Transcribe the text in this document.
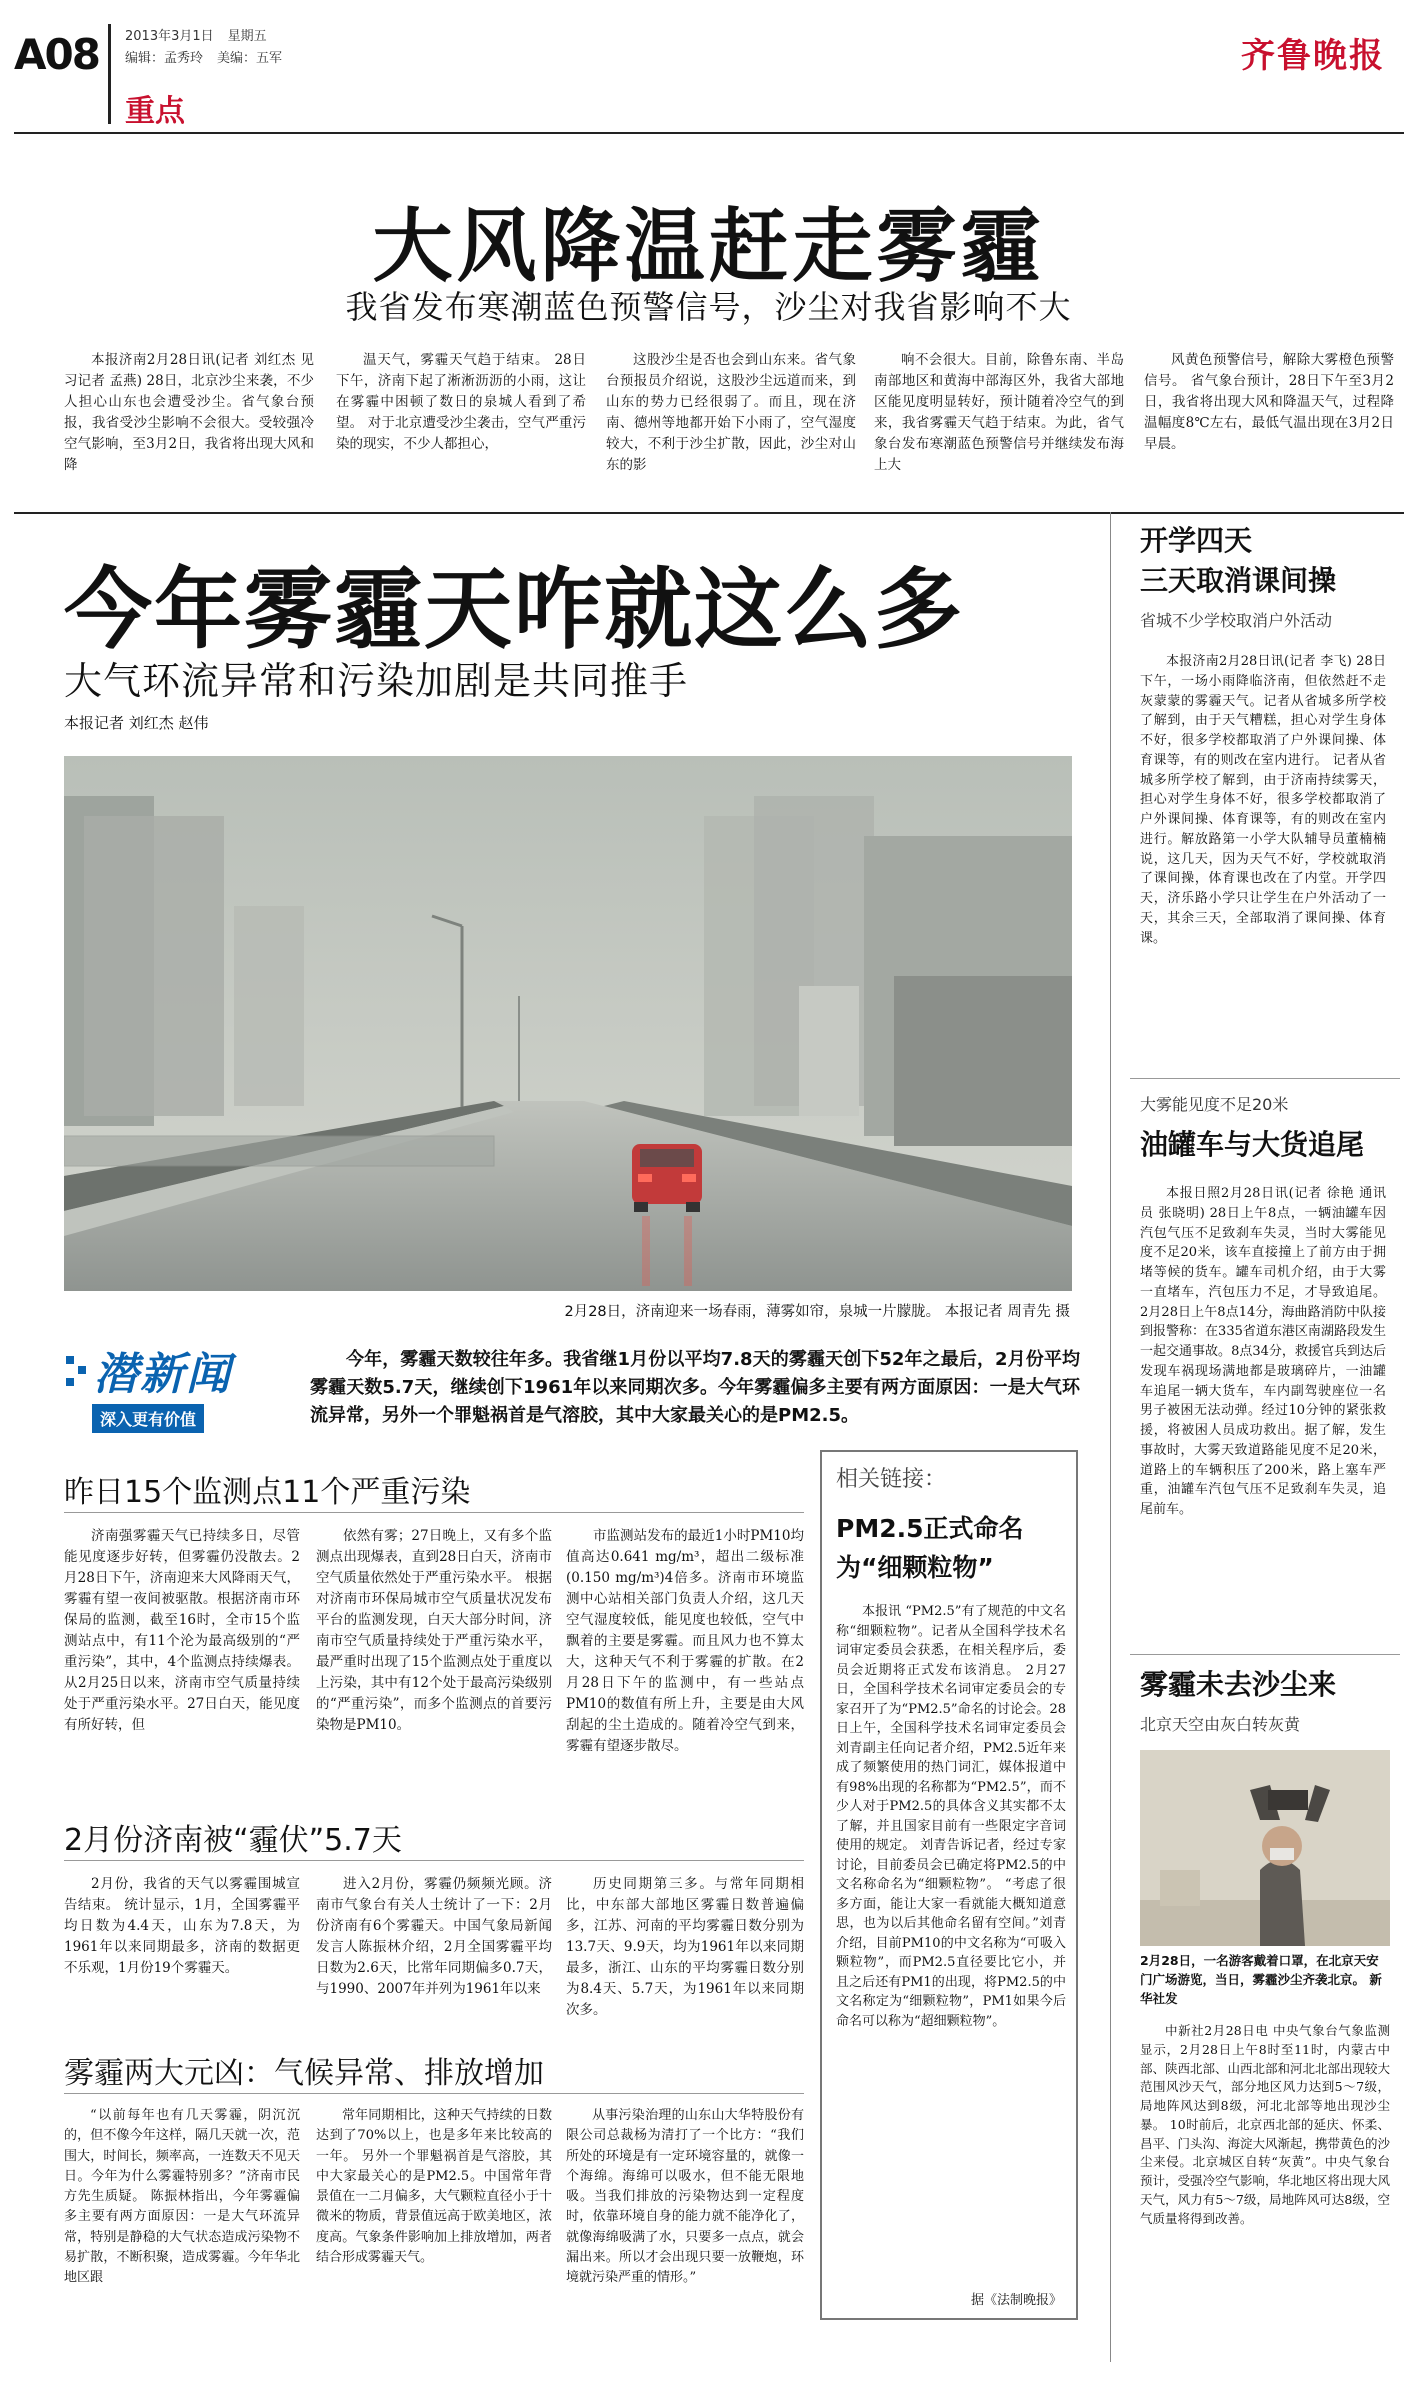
A08 2013年3月1日 星期五
编辑：孟秀玲 美编：五军
重点
齐鲁晚报
大风降温赶走雾霾
我省发布寒潮蓝色预警信号，沙尘对我省影响不大

本报济南2月28日讯(记者 刘红杰 见习记者 孟燕) 28日，北京沙尘来袭，不少人担心山东也会遭受沙尘。省气象台预报，我省受沙尘影响不会很大。受较强冷空气影响，至3月2日，我省将出现大风和降

温天气，雾霾天气趋于结束。 28日下午，济南下起了淅淅沥沥的小雨，这让在雾霾中困顿了数日的泉城人看到了希望。 对于北京遭受沙尘袭击，空气严重污染的现实，不少人都担心，

这股沙尘是否也会到山东来。省气象台预报员介绍说，这股沙尘远道而来，到山东的势力已经很弱了。而且，现在济南、德州等地都开始下小雨了，空气湿度较大，不利于沙尘扩散，因此，沙尘对山东的影

响不会很大。目前，除鲁东南、半岛南部地区和黄海中部海区外，我省大部地区能见度明显转好，预计随着冷空气的到来，我省雾霾天气趋于结束。为此，省气象台发布寒潮蓝色预警信号并继续发布海上大

风黄色预警信号，解除大雾橙色预警信号。 省气象台预计，28日下午至3月2日，我省将出现大风和降温天气，过程降温幅度8℃左右，最低气温出现在3月2日早晨。

今年雾霾天咋就这么多
大气环流异常和污染加剧是共同推手
本报记者 刘红杰 赵伟
2月28日，济南迎来一场春雨，薄雾如帘，泉城一片朦胧。 本报记者 周青先 摄
潜新闻
深入更有价值
今年，雾霾天数较往年多。我省继1月份以平均7.8天的雾霾天创下52年之最后，2月份平均雾霾天数5.7天，继续创下1961年以来同期次多。今年雾霾偏多主要有两方面原因：一是大气环流异常，另外一个罪魁祸首是气溶胶，其中大家最关心的是PM2.5。
昨日15个监测点11个严重污染

济南强雾霾天气已持续多日，尽管能见度逐步好转，但雾霾仍没散去。2月28日下午，济南迎来大风降雨天气，雾霾有望一夜间被驱散。根据济南市环保局的监测，截至16时，全市15个监测站点中，有11个沦为最高级别的“严重污染”，其中，4个监测点持续爆表。 从2月25日以来，济南市空气质量持续处于严重污染水平。27日白天，能见度有所好转，但

依然有雾；27日晚上，又有多个监测点出现爆表，直到28日白天，济南市空气质量依然处于严重污染水平。 根据对济南市环保局城市空气质量状况发布平台的监测发现，白天大部分时间，济南市空气质量持续处于严重污染水平，最严重时出现了15个监测点处于重度以上污染，其中有12个处于最高污染级别的“严重污染”，而多个监测点的首要污染物是PM10。

市监测站发布的最近1小时PM10均值高达0.641 mg/m³，超出二级标准(0.150 mg/m³)4倍多。济南市环境监测中心站相关部门负责人介绍，这几天空气湿度较低，能见度也较低，空气中飘着的主要是雾霾。而且风力也不算太大，这种天气不利于雾霾的扩散。在2月28日下午的监测中，有一些站点PM10的数值有所上升，主要是由大风刮起的尘土造成的。随着冷空气到来，雾霾有望逐步散尽。

2月份济南被“霾伏”5.7天

2月份，我省的天气以雾霾围城宣告结束。 统计显示，1月，全国雾霾平均日数为4.4天，山东为7.8天，为1961年以来同期最多，济南的数据更不乐观，1月份19个雾霾天。

进入2月份，雾霾仍频频光顾。济南市气象台有关人士统计了一下：2月份济南有6个雾霾天。中国气象局新闻发言人陈振林介绍，2月全国雾霾平均日数为2.6天，比常年同期偏多0.7天，与1990、2007年并列为1961年以来

历史同期第三多。与常年同期相比，中东部大部地区雾霾日数普遍偏多，江苏、河南的平均雾霾日数分别为13.7天、9.9天，均为1961年以来同期最多，浙江、山东的平均雾霾日数分别为8.4天、5.7天，为1961年以来同期次多。

雾霾两大元凶：气候异常、排放增加

“以前每年也有几天雾霾，阴沉沉的，但不像今年这样，隔几天就一次，范围大，时间长，频率高，一连数天不见天日。今年为什么雾霾特别多？”济南市民方先生质疑。 陈振林指出，今年雾霾偏多主要有两方面原因：一是大气环流异常，特别是静稳的大气状态造成污染物不易扩散，不断积聚，造成雾霾。今年华北地区跟

常年同期相比，这种天气持续的日数达到了70%以上，也是多年来比较高的一年。 另外一个罪魁祸首是气溶胶，其中大家最关心的是PM2.5。中国常年背景值在一二月偏多，大气颗粒直径小于十微米的物质，背景值远高于欧美地区，浓度高。气象条件影响加上排放增加，两者结合形成雾霾天气。

从事污染治理的山东山大华特股份有限公司总裁杨为清打了一个比方：“我们所处的环境是有一定环境容量的，就像一个海绵。海绵可以吸水，但不能无限地吸。当我们排放的污染物达到一定程度时，依靠环境自身的能力就不能净化了，就像海绵吸满了水，只要多一点点，就会漏出来。所以才会出现只要一放鞭炮，环境就污染严重的情形。”

相关链接：
PM2.5正式命名为“细颗粒物”

本报讯 “PM2.5”有了规范的中文名称“细颗粒物”。记者从全国科学技术名词审定委员会获悉，在相关程序后，委员会近期将正式发布该消息。 2月27日，全国科学技术名词审定委员会的专家召开了为“PM2.5”命名的讨论会。28日上午，全国科学技术名词审定委员会刘青副主任向记者介绍，PM2.5近年来成了频繁使用的热门词汇，媒体报道中有98%出现的名称都为“PM2.5”，而不少人对于PM2.5的具体含义其实都不太了解，并且国家目前有一些限定字音词使用的规定。 刘青告诉记者，经过专家讨论，目前委员会已确定将PM2.5的中文名称命名为“细颗粒物”。 “考虑了很多方面，能让大家一看就能大概知道意思，也为以后其他命名留有空间。”刘青介绍，目前PM10的中文名称为“可吸入颗粒物”，而PM2.5直径要比它小，并且之后还有PM1的出现，将PM2.5的中文名称定为“细颗粒物”，PM1如果今后命名可以称为“超细颗粒物”。

据《法制晚报》
开学四天
三天取消课间操
省城不少学校取消户外活动

本报济南2月28日讯(记者 李飞) 28日下午，一场小雨降临济南，但依然赶不走灰蒙蒙的雾霾天气。记者从省城多所学校了解到，由于天气糟糕，担心对学生身体不好，很多学校都取消了户外课间操、体育课等，有的则改在室内进行。 记者从省城多所学校了解到，由于济南持续雾天，担心对学生身体不好，很多学校都取消了户外课间操、体育课等，有的则改在室内进行。解放路第一小学大队辅导员董楠楠说，这几天，因为天气不好，学校就取消了课间操，体育课也改在了内堂。开学四天，济乐路小学只让学生在户外活动了一天，其余三天，全部取消了课间操、体育课。

大雾能见度不足20米
油罐车与大货追尾

本报日照2月28日讯(记者 徐艳 通讯员 张晓明) 28日上午8点，一辆油罐车因汽包气压不足致刹车失灵，当时大雾能见度不足20米，该车直接撞上了前方由于拥堵等候的货车。罐车司机介绍，由于大雾一直堵车，汽包压力不足，才导致追尾。 2月28日上午8点14分，海曲路消防中队接到报警称：在335省道东港区南湖路段发生一起交通事故。8点34分，救援官兵到达后发现车祸现场满地都是玻璃碎片，一油罐车追尾一辆大货车，车内副驾驶座位一名男子被困无法动弹。经过10分钟的紧张救援，将被困人员成功救出。据了解，发生事故时，大雾天致道路能见度不足20米，道路上的车辆积压了200米，路上塞车严重，油罐车汽包气压不足致刹车失灵，追尾前车。

雾霾未去沙尘来
北京天空由灰白转灰黄
2月28日，一名游客戴着口罩，在北京天安门广场游览，当日，雾霾沙尘齐袭北京。 新华社发

中新社2月28日电 中央气象台气象监测显示，2月28日上午8时至11时，内蒙古中部、陕西北部、山西北部和河北北部出现较大范围风沙天气，部分地区风力达到5～7级，局地阵风达到8级，河北北部等地出现沙尘暴。 10时前后，北京西北部的延庆、怀柔、昌平、门头沟、海淀大风渐起，携带黄色的沙尘来侵。北京城区自转“灰黄”。中央气象台预计，受强冷空气影响，华北地区将出现大风天气，风力有5～7级，局地阵风可达8级，空气质量将得到改善。
